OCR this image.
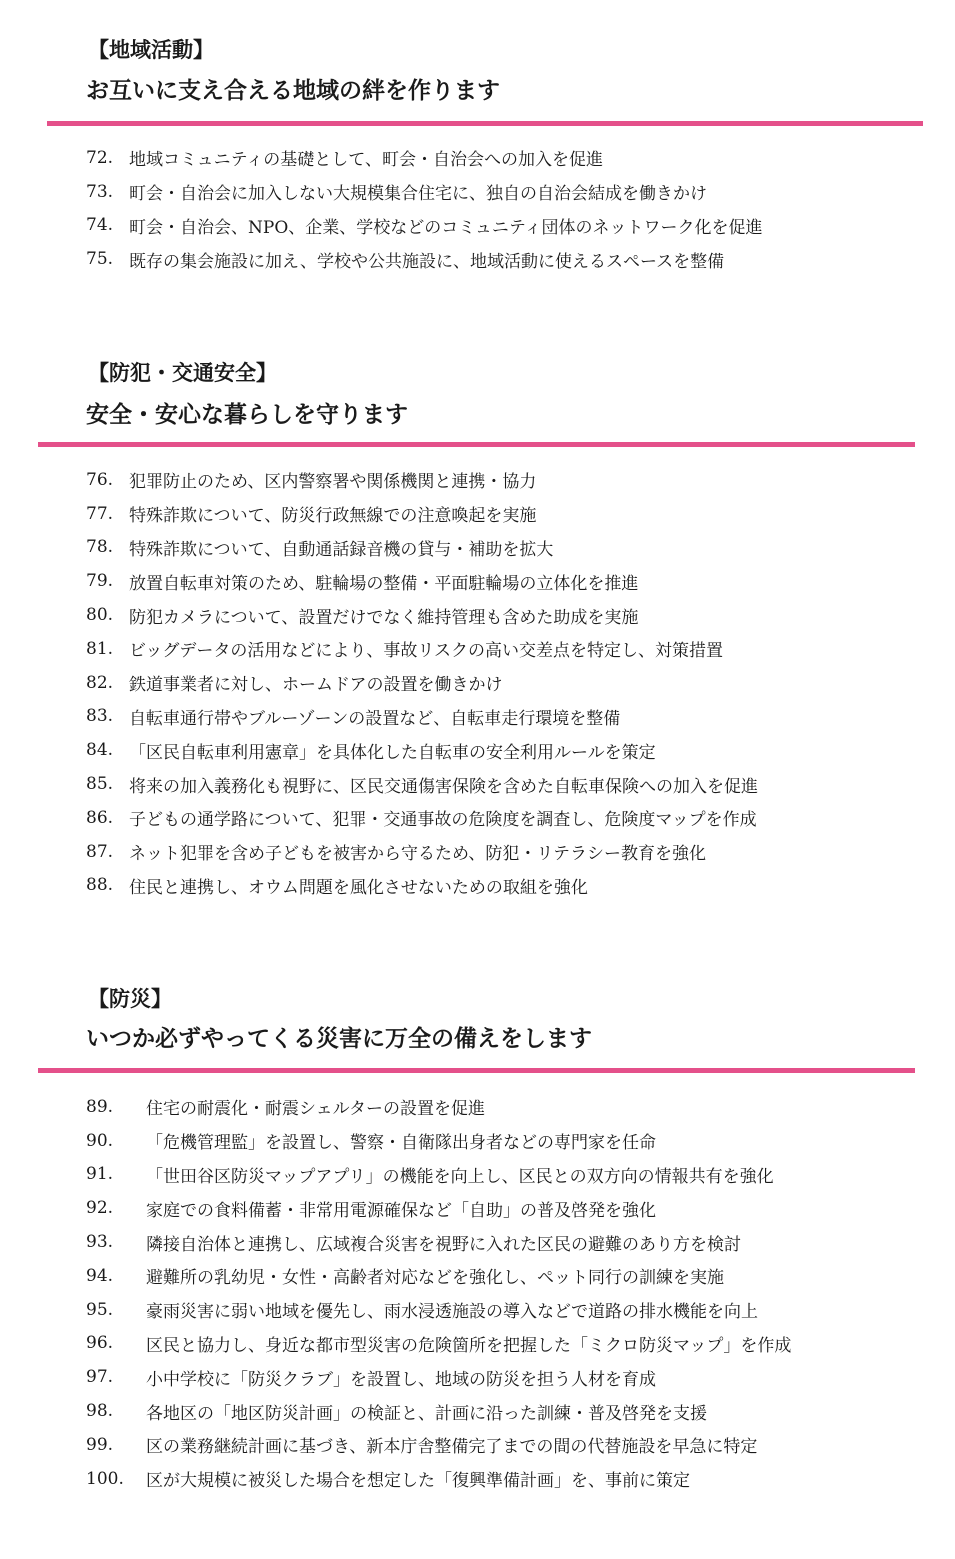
【地域活動】
お互いに支え合える地域の絆を作ります
72. 地域コミュニティの基礎として、町会・自治会への加入を促進
73. 町会・自治会に加入しない大規模集合住宅に、独自の自治会結成を働きかけ
74. 町会・自治会、NPO、企業、学校などのコミュニティ団体のネットワーク化を促進
75. 既存の集会施設に加え、学校や公共施設に、地域活動に使えるスペースを整備
【防犯・交通安全】
安全・安心な暮らしを守ります
76. 犯罪防止のため、区内警察署や関係機関と連携・協力
77. 特殊詐欺について、防災行政無線での注意喚起を実施
78. 特殊詐欺について、自動通話録音機の貸与・補助を拡大
79. 放置自転車対策のため、駐輪場の整備・平面駐輪場の立体化を推進
80. 防犯カメラについて、設置だけでなく維持管理も含めた助成を実施
81. ビッグデータの活用などにより、事故リスクの高い交差点を特定し、対策措置
82. 鉄道事業者に対し、ホームドアの設置を働きかけ
83. 自転車通行帯やブルーゾーンの設置など、自転車走行環境を整備
84. 「区民自転車利用憲章」を具体化した自転車の安全利用ルールを策定
85. 将来の加入義務化も視野に、区民交通傷害保険を含めた自転車保険への加入を促進
86. 子どもの通学路について、犯罪・交通事故の危険度を調査し、危険度マップを作成
87. ネット犯罪を含め子どもを被害から守るため、防犯・リテラシー教育を強化
88. 住民と連携し、オウム問題を風化させないための取組を強化
【防災】
いつか必ずやってくる災害に万全の備えをします
89.	住宅の耐震化・耐震シェルターの設置を促進
90.	「危機管理監」を設置し、警察・自衛隊出身者などの専門家を任命
91.	「世田谷区防災マップアプリ」の機能を向上し、区民との双方向の情報共有を強化
92.	家庭での食料備蓄・非常用電源確保など「自助」の普及啓発を強化
93.	隣接自治体と連携し、広域複合災害を視野に入れた区民の避難のあり方を検討
94.	避難所の乳幼児・女性・高齢者対応などを強化し、ペット同行の訓練を実施
95.	豪雨災害に弱い地域を優先し、雨水浸透施設の導入などで道路の排水機能を向上
96.	区民と協力し、身近な都市型災害の危険箇所を把握した「ミクロ防災マップ」を作成
97.	小中学校に「防災クラブ」を設置し、地域の防災を担う人材を育成
98.	各地区の「地区防災計画」の検証と、計画に沿った訓練・普及啓発を支援
99.	区の業務継続計画に基づき、新本庁舎整備完了までの間の代替施設を早急に特定
100.	区が大規模に被災した場合を想定した「復興準備計画」を、事前に策定
